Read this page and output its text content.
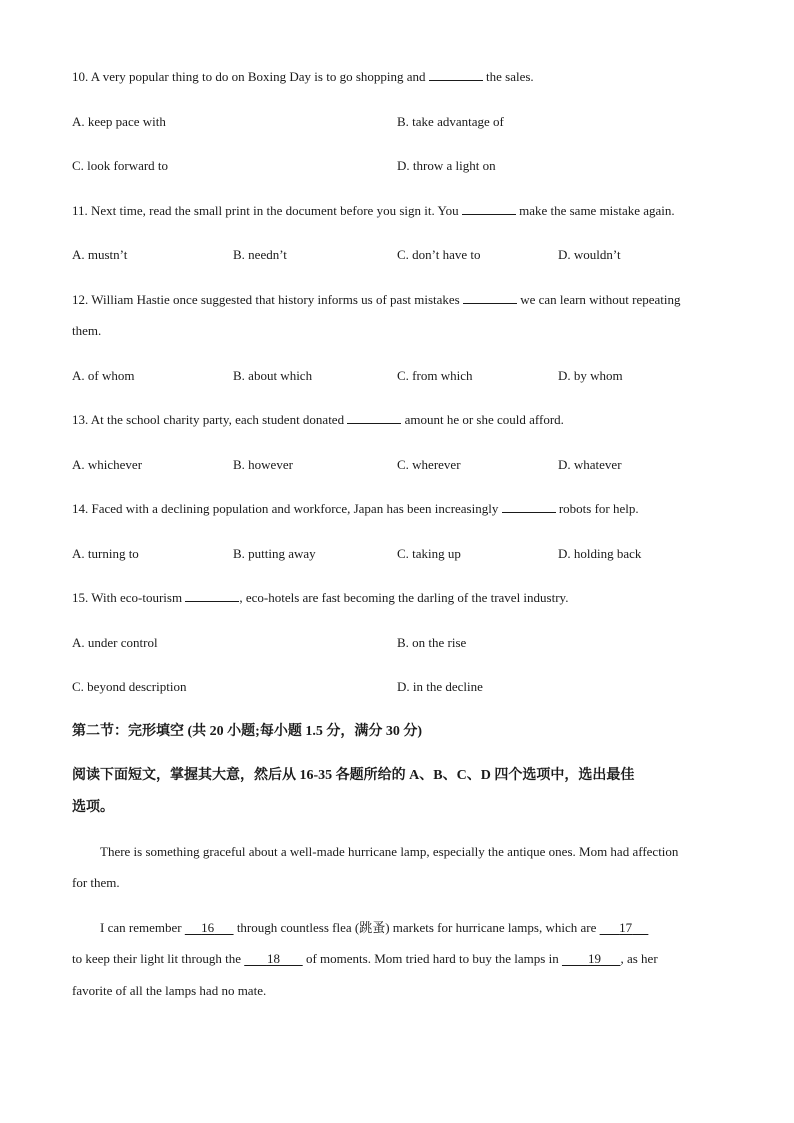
10. A very popular thing to do on Boxing Day is to go shopping and	the sales.
A. keep pace with	B. take advantage of
C. look forward to	D. throw a light on
11. Next time, read the small print in the document before you sign it. You	make the same mistake again.
A. mustn’t	B. needn’t	C. don’t have to	D. wouldn’t
12. William Hastie once suggested that history informs us of past mistakes	we can learn without repeating
them.
A. of whom	B. about which	C. from which	D. by whom
13. At the school charity party, each student donated	amount he or she could afford.
A. whichever	B. however	C. wherever	D. whatever
14. Faced with a declining population and workforce, Japan has been increasingly	robots for help.
A. turning to	B. putting away	C. taking up	D. holding back
15. With eco-tourism	, eco-hotels are fast becoming the darling of the travel industry.
A. under control	B. on the rise
C. beyond description	D. in the decline
第二节：完形填空 (共 20 小题;每小题 1.5 分，满分 30 分)
阅读下面短文，掌握其大意，然后从 16-35 各题所给的 A、B、C、D 四个选项中，选出最佳
选项。
There is something graceful about a well-made hurricane lamp, especially the antique ones. Mom had affection
for them.
I can remember 16 through countless flea (跳蚤) markets for hurricane lamps, which are 17
to keep their light lit through the 18 of moments. Mom tried hard to buy the lamps in 19 , as her
favorite of all the lamps had no mate.
